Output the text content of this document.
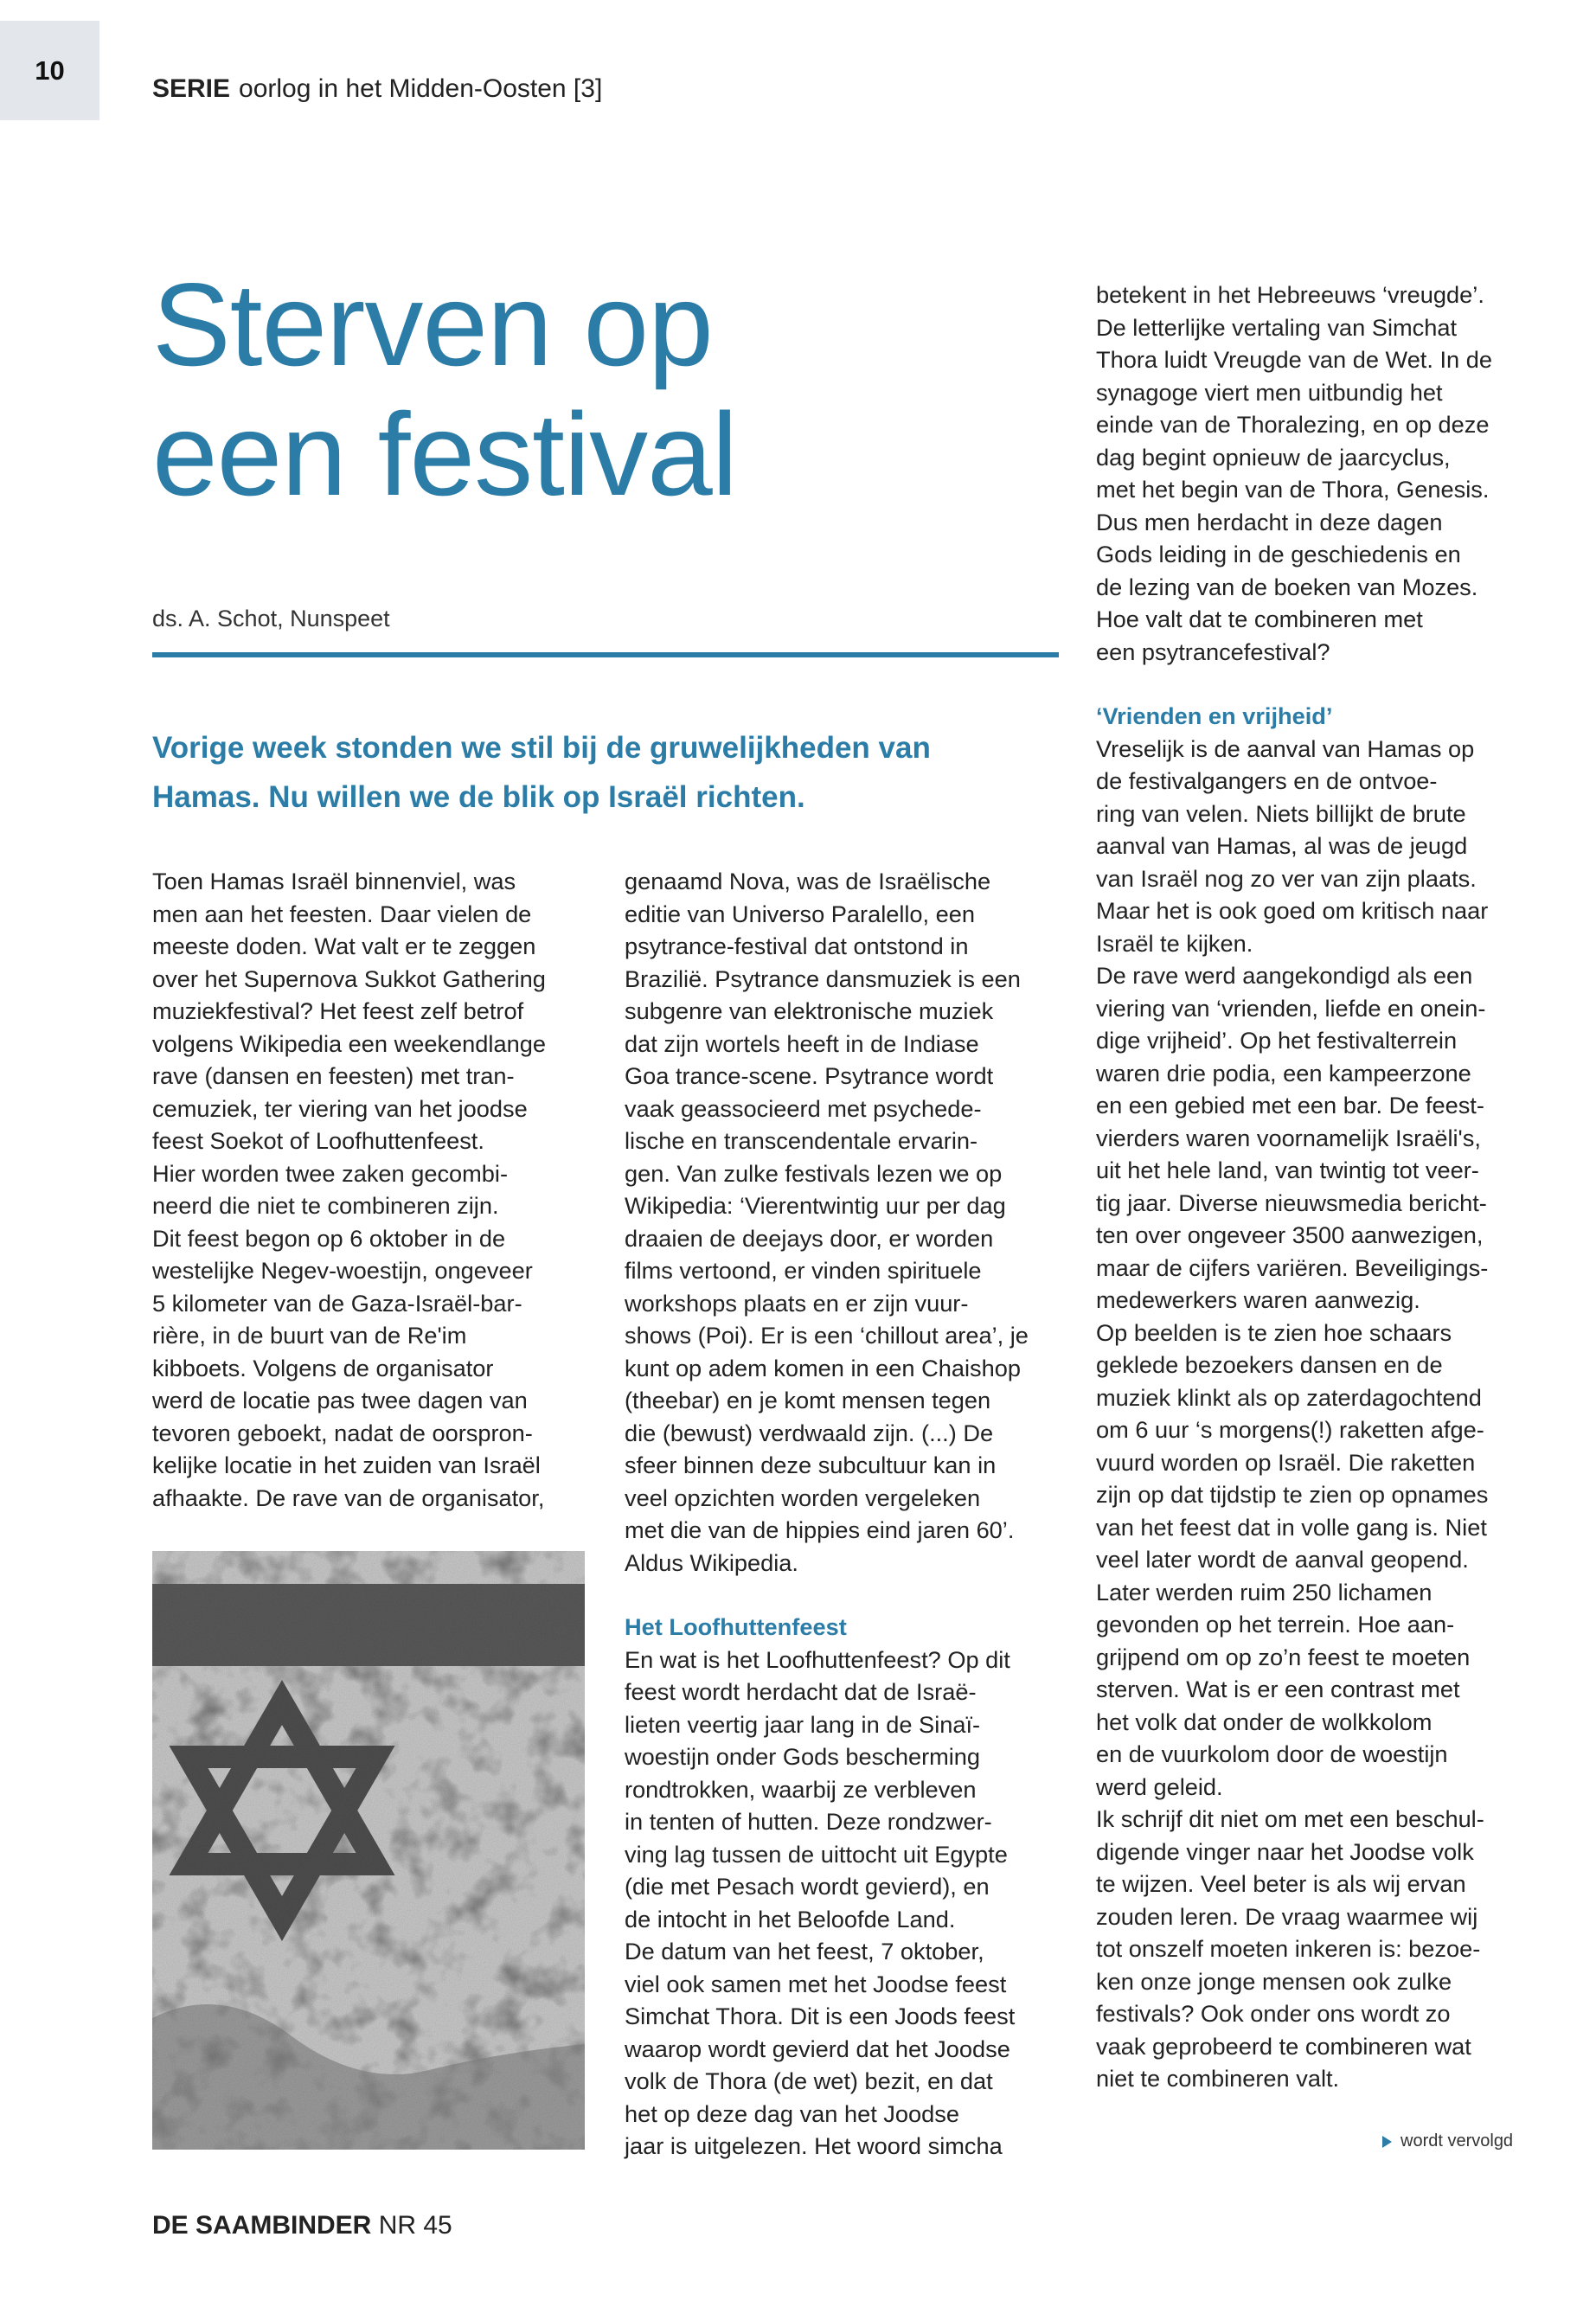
10
SERIE oorlog in het Midden-Oosten [3]
Sterven op
een festival
ds. A. Schot, Nunspeet
Vorige week stonden we stil bij de gruwelijkheden van
Hamas. Nu willen we de blik op Israël richten.

Toen Hamas Israël binnenviel, was

men aan het feesten. Daar vielen de

meeste doden. Wat valt er te zeggen

over het Supernova Sukkot Gathering

muziekfestival? Het feest zelf betrof

volgens Wikipedia een weekendlange

rave (dansen en feesten) met tran-

cemuziek, ter viering van het joodse

feest Soekot of Loofhuttenfeest.

Hier worden twee zaken gecombi-

neerd die niet te combineren zijn.

Dit feest begon op 6 oktober in de

westelijke Negev-woestijn, ongeveer

5 kilometer van de Gaza-Israël-bar-

rière, in de buurt van de Re'im

kibboets. Volgens de organisator

werd de locatie pas twee dagen van

tevoren geboekt, nadat de oorspron-

kelijke locatie in het zuiden van Israël

afhaakte. De rave van de organisator,

genaamd Nova, was de Israëlische

editie van Universo Paralello, een

psytrance-festival dat ontstond in

Brazilië. Psytrance dansmuziek is een

subgenre van elektronische muziek

dat zijn wortels heeft in de Indiase

Goa trance-scene. Psytrance wordt

vaak geassocieerd met psychede-

lische en transcendentale ervarin-

gen. Van zulke festivals lezen we op

Wikipedia: ‘Vierentwintig uur per dag

draaien de deejays door, er worden

films vertoond, er vinden spirituele

workshops plaats en er zijn vuur-

shows (Poi). Er is een ‘chillout area’, je

kunt op adem komen in een Chaishop

(theebar) en je komt mensen tegen

die (bewust) verdwaald zijn. (...) De

sfeer binnen deze subcultuur kan in

veel opzichten worden vergeleken

met die van de hippies eind jaren 60’.

Aldus Wikipedia.

Het Loofhuttenfeest

En wat is het Loofhuttenfeest? Op dit

feest wordt herdacht dat de Israë-

lieten veertig jaar lang in de Sinaï-

woestijn onder Gods bescherming

rondtrokken, waarbij ze verbleven

in tenten of hutten. Deze rondzwer-

ving lag tussen de uittocht uit Egypte

(die met Pesach wordt gevierd), en

de intocht in het Beloofde Land.

De datum van het feest, 7 oktober,

viel ook samen met het Joodse feest

Simchat Thora. Dit is een Joods feest

waarop wordt gevierd dat het Joodse

volk de Thora (de wet) bezit, en dat

het op deze dag van het Joodse

jaar is uitgelezen. Het woord simcha

betekent in het Hebreeuws ‘vreugde’.

De letterlijke vertaling van Simchat

Thora luidt Vreugde van de Wet. In de

synagoge viert men uitbundig het

einde van de Thoralezing, en op deze

dag begint opnieuw de jaarcyclus,

met het begin van de Thora, Genesis.

Dus men herdacht in deze dagen

Gods leiding in de geschiedenis en

de lezing van de boeken van Mozes.

Hoe valt dat te combineren met

een psytrancefestival?

‘Vrienden en vrijheid’

Vreselijk is de aanval van Hamas op

de festivalgangers en de ontvoe-

ring van velen. Niets billijkt de brute

aanval van Hamas, al was de jeugd

van Israël nog zo ver van zijn plaats.

Maar het is ook goed om kritisch naar

Israël te kijken.

De rave werd aangekondigd als een

viering van ‘vrienden, liefde en onein-

dige vrijheid’. Op het festivalterrein

waren drie podia, een kampeerzone

en een gebied met een bar. De feest-

vierders waren voornamelijk Israëli's,

uit het hele land, van twintig tot veer-

tig jaar. Diverse nieuwsmedia bericht-

ten over ongeveer 3500 aanwezigen,

maar de cijfers variëren. Beveiligings-

medewerkers waren aanwezig.

Op beelden is te zien hoe schaars

geklede bezoekers dansen en de

muziek klinkt als op zaterdagochtend

om 6 uur ‘s morgens(!) raketten afge-

vuurd worden op Israël. Die raketten

zijn op dat tijdstip te zien op opnames

van het feest dat in volle gang is. Niet

veel later wordt de aanval geopend.

Later werden ruim 250 lichamen

gevonden op het terrein. Hoe aan-

grijpend om op zo’n feest te moeten

sterven. Wat is er een contrast met

het volk dat onder de wolkkolom

en de vuurkolom door de woestijn

werd geleid.

Ik schrijf dit niet om met een beschul-

digende vinger naar het Joodse volk

te wijzen. Veel beter is als wij ervan

zouden leren. De vraag waarmee wij

tot onszelf moeten inkeren is: bezoe-

ken onze jonge mensen ook zulke

festivals? Ook onder ons wordt zo

vaak geprobeerd te combineren wat

niet te combineren valt.

wordt vervolgd
DE SAAMBINDER NR 45
